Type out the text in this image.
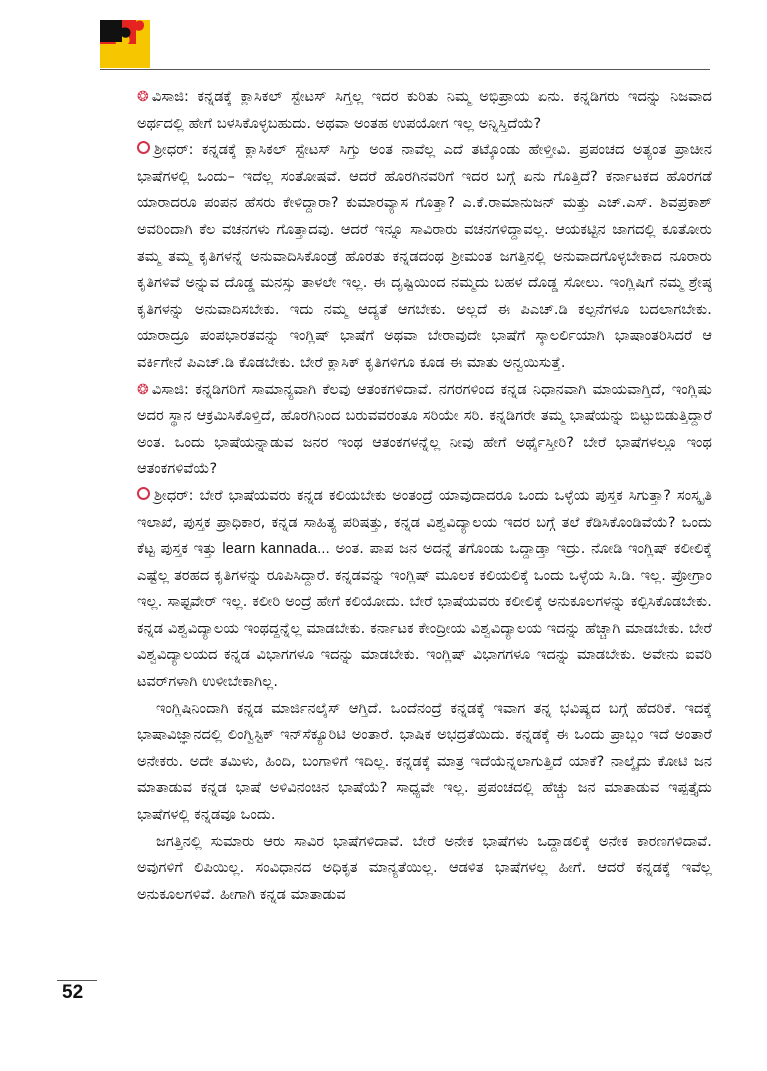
❂ ವಿಸಾಜಿ: ಕನ್ನಡಕ್ಕೆ ಕ್ಲಾಸಿಕಲ್ ಸ್ಟೇಟಸ್ ಸಿಗ್ತಲ್ಲ ಇದರ ಕುರಿತು ನಿಮ್ಮ ಅಭಿಪ್ರಾಯ ಏನು. ಕನ್ನಡಿಗರು ಇದನ್ನು ನಿಜವಾದ ಅರ್ಥದಲ್ಲಿ ಹೇಗೆ ಬಳಸಿಕೊಳ್ಳಬಹುದು. ಅಥವಾ ಅಂತಹ ಉಪಯೋಗ ಇಲ್ಲ ಅನ್ನಿಸ್ತಿದೆಯೆ?

ಶ್ರೀಧರ್: ಕನ್ನಡಕ್ಕೆ ಕ್ಲಾಸಿಕಲ್ ಸ್ಟೇಟಸ್ ಸಿಗ್ತು ಅಂತ ನಾವೆಲ್ಲ ಎದೆ ತಟ್ಕೊಂಡು ಹೇಳ್ತೀವಿ. ಪ್ರಪಂಚದ ಅತ್ಯಂತ ಪ್ರಾಚೀನ ಭಾಷೆಗಳಲ್ಲಿ ಒಂದು– ಇದೆಲ್ಲ ಸಂತೋಷವೆ. ಆದರೆ ಹೊರಗಿನವರಿಗೆ ಇದರ ಬಗ್ಗೆ ಏನು ಗೊತ್ತಿದೆ? ಕರ್ನಾಟಕದ ಹೊರಗಡೆ ಯಾರಾದರೂ ಪಂಪನ ಹೆಸರು ಕೇಳಿದ್ದಾರಾ? ಕುಮಾರವ್ಯಾಸ ಗೊತ್ತಾ? ಎ.ಕೆ.ರಾಮಾನುಜನ್ ಮತ್ತು ಎಚ್.ಎಸ್. ಶಿವಪ್ರಕಾಶ್ ಅವರಿಂದಾಗಿ ಕೆಲ ವಚನಗಳು ಗೊತ್ತಾದವು. ಆದರೆ ಇನ್ನೂ ಸಾವಿರಾರು ವಚನಗಳಿದ್ದಾವಲ್ಲ. ಆಯಕಟ್ಟಿನ ಜಾಗದಲ್ಲಿ ಕೂತೋರು ತಮ್ಮ ತಮ್ಮ ಕೃತಿಗಳನ್ನೆ ಅನುವಾದಿಸಿಕೊಂಡ್ರೆ ಹೊರತು ಕನ್ನಡದಂಥ ಶ್ರೀಮಂತ ಜಗತ್ತಿನಲ್ಲಿ ಅನುವಾದಗೊಳ್ಳಬೇಕಾದ ನೂರಾರು ಕೃತಿಗಳಿವೆ ಅನ್ನುವ ದೊಡ್ಡ ಮನಸ್ಸು ತಾಳಲೇ ಇಲ್ಲ. ಈ ದೃಷ್ಟಿಯಿಂದ ನಮ್ಮದು ಬಹಳ ದೊಡ್ಡ ಸೋಲು. ಇಂಗ್ಲಿಷಿಗೆ ನಮ್ಮ ಶ್ರೇಷ್ಠ ಕೃತಿಗಳನ್ನು ಅನುವಾದಿಸಬೇಕು. ಇದು ನಮ್ಮ ಆದ್ಯತೆ ಆಗಬೇಕು. ಅಲ್ಲದೆ ಈ ಪಿಎಚ್.ಡಿ ಕಲ್ಪನೆಗಳೂ ಬದಲಾಗಬೇಕು. ಯಾರಾದ್ರೂ ಪಂಪಭಾರತವನ್ನು ಇಂಗ್ಲಿಷ್ ಭಾಷೆಗೆ ಅಥವಾ ಬೇರಾವುದೇ ಭಾಷೆಗೆ ಸ್ಕಾಲರ್ಲಿಯಾಗಿ ಭಾಷಾಂತರಿಸಿದರೆ ಆ ವರ್ಕಿಗೇನೆ ಪಿಎಚ್.ಡಿ ಕೊಡಬೇಕು. ಬೇರೆ ಕ್ಲಾಸಿಕ್ ಕೃತಿಗಳಿಗೂ ಕೂಡ ಈ ಮಾತು ಅನ್ವಯಿಸುತ್ತೆ.

❂ ವಿಸಾಜಿ: ಕನ್ನಡಿಗರಿಗೆ ಸಾಮಾನ್ಯವಾಗಿ ಕೆಲವು ಆತಂಕಗಳಿದಾವೆ. ನಗರಗಳಿಂದ ಕನ್ನಡ ನಿಧಾನವಾಗಿ ಮಾಯವಾಗ್ತಿದೆ, ಇಂಗ್ಲಿಷು ಅದರ ಸ್ಥಾನ ಆಕ್ರಮಿಸಿಕೊಳ್ತಿದೆ, ಹೊರಗಿನಿಂದ ಬರುವವರಂತೂ ಸರಿಯೇ ಸರಿ. ಕನ್ನಡಿಗರೇ ತಮ್ಮ ಭಾಷೆಯನ್ನು ಬಿಟ್ಟುಬಿಡುತ್ತಿದ್ದಾರೆ ಅಂತ. ಒಂದು ಭಾಷೆಯನ್ನಾಡುವ ಜನರ ಇಂಥ ಆತಂಕಗಳನ್ನೆಲ್ಲ ನೀವು ಹೇಗೆ ಅರ್ಥೈಸ್ತೀರಿ? ಬೇರೆ ಭಾಷೆಗಳಲ್ಲೂ ಇಂಥ ಆತಂಕಗಳಿವೆಯೆ?

ಶ್ರೀಧರ್: ಬೇರೆ ಭಾಷೆಯವರು ಕನ್ನಡ ಕಲಿಯಬೇಕು ಅಂತಂದ್ರೆ ಯಾವುದಾದರೂ ಒಂದು ಒಳ್ಳೆಯ ಪುಸ್ತಕ ಸಿಗುತ್ತಾ? ಸಂಸ್ಕೃತಿ ಇಲಾಖೆ, ಪುಸ್ತಕ ಪ್ರಾಧಿಕಾರ, ಕನ್ನಡ ಸಾಹಿತ್ಯ ಪರಿಷತ್ತು, ಕನ್ನಡ ವಿಶ್ವವಿದ್ಯಾಲಯ ಇದರ ಬಗ್ಗೆ ತಲೆ ಕೆಡಿಸಿಕೊಂಡಿವೆಯೆ? ಒಂದು ಕೆಟ್ಟ ಪುಸ್ತಕ ಇತ್ತು learn kannada... ಅಂತ. ಪಾಪ ಜನ ಅದನ್ನೆ ತಗೊಂಡು ಒದ್ದಾಡ್ತಾ ಇದ್ರು. ನೋಡಿ ಇಂಗ್ಲಿಷ್ ಕಲೀಲಿಕ್ಕೆ ಎಷ್ಟೆಲ್ಲ ತರಹದ ಕೃತಿಗಳನ್ನು ರೂಪಿಸಿದ್ದಾರೆ. ಕನ್ನಡವನ್ನು ಇಂಗ್ಲಿಷ್ ಮೂಲಕ ಕಲಿಯಲಿಕ್ಕೆ ಒಂದು ಒಳ್ಳೆಯ ಸಿ.ಡಿ. ಇಲ್ಲ. ಪ್ರೋಗ್ರಾಂ ಇಲ್ಲ. ಸಾಫ್ಟವೇರ್ ಇಲ್ಲ. ಕಲೀರಿ ಅಂದ್ರೆ ಹೇಗೆ ಕಲಿಯೋದು. ಬೇರೆ ಭಾಷೆಯವರು ಕಲೀಲಿಕ್ಕೆ ಅನುಕೂಲಗಳನ್ನು ಕಲ್ಪಿಸಿಕೊಡಬೇಕು. ಕನ್ನಡ ವಿಶ್ವವಿದ್ಯಾಲಯ ಇಂಥದ್ದನ್ನೆಲ್ಲ ಮಾಡಬೇಕು. ಕರ್ನಾಟಕ ಕೇಂದ್ರೀಯ ವಿಶ್ವವಿದ್ಯಾಲಯ ಇದನ್ನು ಹೆಚ್ಚಾಗಿ ಮಾಡಬೇಕು. ಬೇರೆ ವಿಶ್ವವಿದ್ಯಾಲಯದ ಕನ್ನಡ ವಿಭಾಗಗಳೂ ಇದನ್ನು ಮಾಡಬೇಕು. ಇಂಗ್ಲಿಷ್ ವಿಭಾಗಗಳೂ ಇದನ್ನು ಮಾಡಬೇಕು. ಅವೇನು ಐವರಿ ಟವರ್‌ಗಳಾಗಿ ಉಳೀಬೇಕಾಗಿಲ್ಲ.

ಇಂಗ್ಲಿಷಿನಿಂದಾಗಿ ಕನ್ನಡ ಮಾರ್ಜಿನಲೈಸ್ ಆಗ್ತಿದೆ. ಒಂದೆನಂದ್ರೆ ಕನ್ನಡಕ್ಕೆ ಇವಾಗ ತನ್ನ ಭವಿಷ್ಯದ ಬಗ್ಗೆ ಹೆದರಿಕೆ. ಇದಕ್ಕೆ ಭಾಷಾವಿಜ್ಞಾನದಲ್ಲಿ ಲಿಂಗ್ವಿಸ್ಟಿಕ್ ಇನ್‌ಸೆಕ್ಯೂರಿಟಿ ಅಂತಾರೆ. ಭಾಷಿಕ ಅಭದ್ರತೆಯಿದು. ಕನ್ನಡಕ್ಕೆ ಈ ಒಂದು ಪ್ರಾಬ್ಲಂ ಇದೆ ಅಂತಾರೆ ಅನೇಕರು. ಅದೇ ತಮಿಳು, ಹಿಂದಿ, ಬಂಗಾಳಿಗೆ ಇದಿಲ್ಲ. ಕನ್ನಡಕ್ಕೆ ಮಾತ್ರ ಇದೆಯೆನ್ನಲಾಗುತ್ತಿದೆ ಯಾಕೆ? ನಾಲ್ಕೈದು ಕೋಟಿ ಜನ ಮಾತಾಡುವ ಕನ್ನಡ ಭಾಷೆ ಅಳಿವಿನಂಚಿನ ಭಾಷೆಯೆ? ಸಾಧ್ಯವೇ ಇಲ್ಲ. ಪ್ರಪಂಚದಲ್ಲಿ ಹೆಚ್ಚು ಜನ ಮಾತಾಡುವ ಇಪ್ಪತ್ತೈದು ಭಾಷೆಗಳಲ್ಲಿ ಕನ್ನಡವೂ ಒಂದು.

ಜಗತ್ತಿನಲ್ಲಿ ಸುಮಾರು ಆರು ಸಾವಿರ ಭಾಷೆಗಳಿದಾವೆ. ಬೇರೆ ಅನೇಕ ಭಾಷೆಗಳು ಒದ್ದಾಡಲಿಕ್ಕೆ ಅನೇಕ ಕಾರಣಗಳಿದಾವೆ. ಅವುಗಳಿಗೆ ಲಿಪಿಯಿಲ್ಲ. ಸಂವಿಧಾನದ ಅಧಿಕೃತ ಮಾನ್ಯತೆಯಿಲ್ಲ. ಆಡಳಿತ ಭಾಷೆಗಳಲ್ಲ ಹೀಗೆ. ಆದರೆ ಕನ್ನಡಕ್ಕೆ ಇವೆಲ್ಲ ಅನುಕೂಲಗಳಿವೆ. ಹೀಗಾಗಿ ಕನ್ನಡ ಮಾತಾಡುವ

52
